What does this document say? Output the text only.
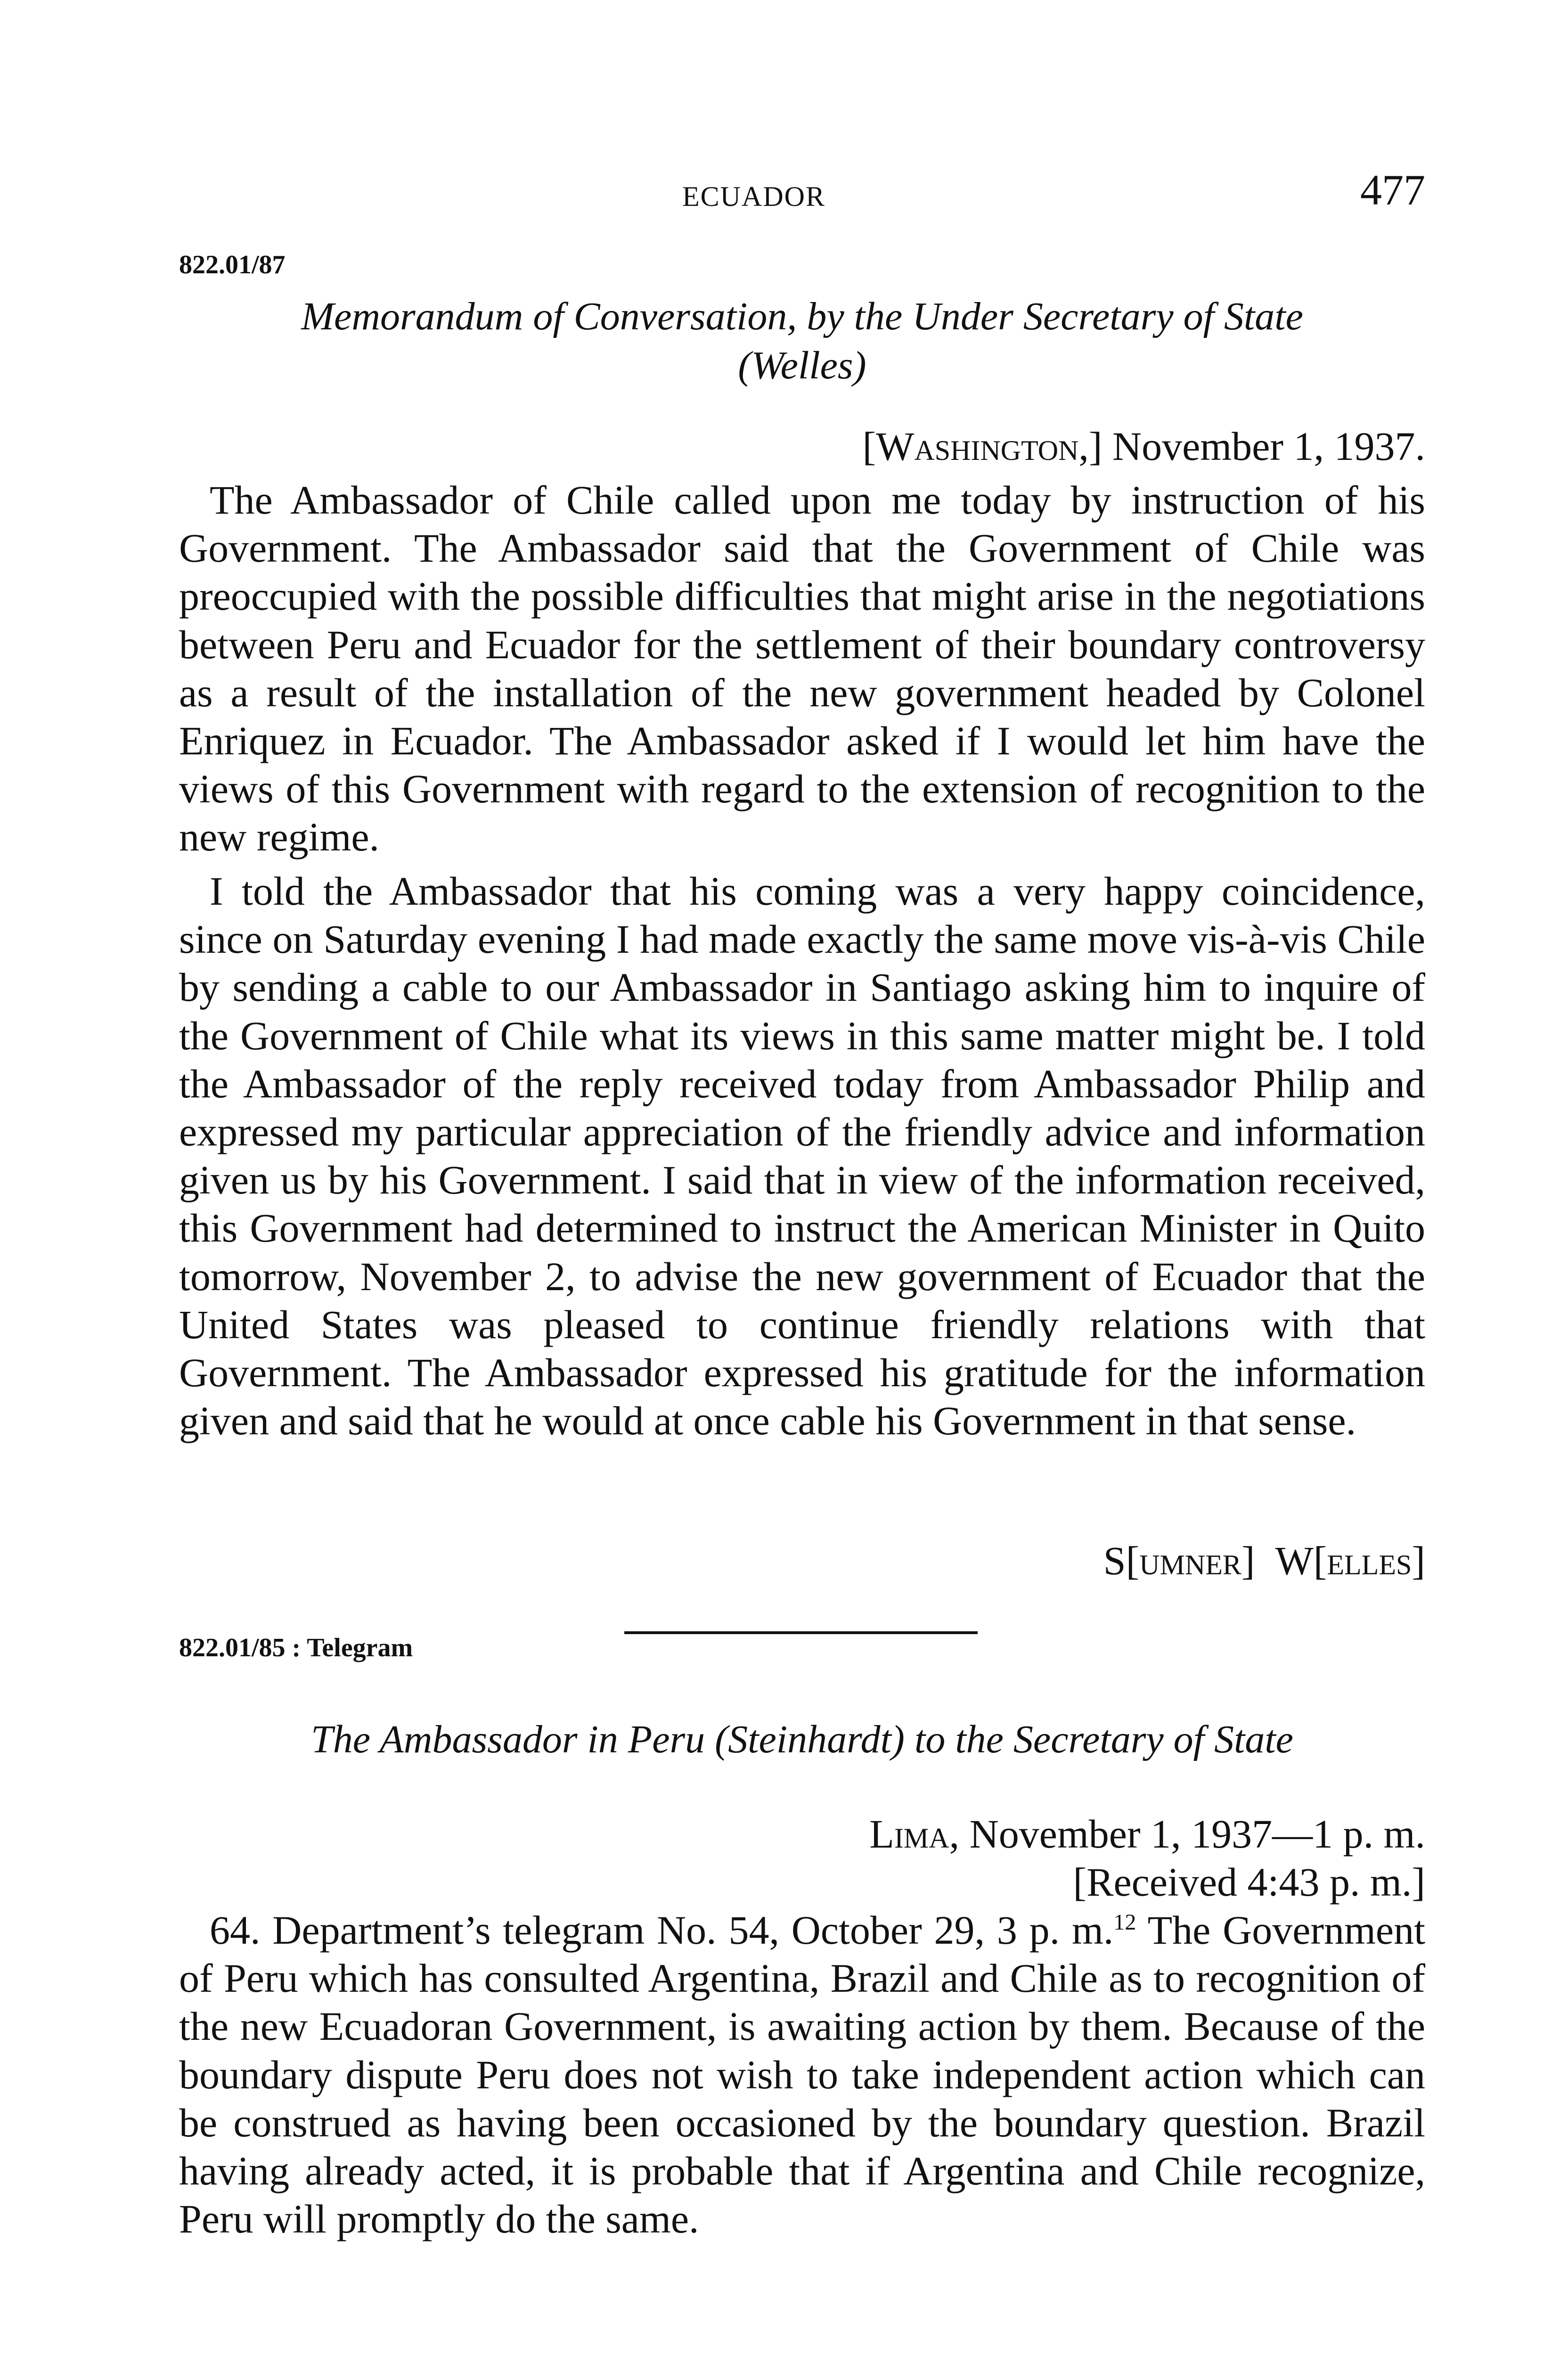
ECUADOR	477
822.01/87
Memorandum of Conversation, by the Under Secretary of State
(Welles)
[Washington,] November 1, 1937.

The Ambassador of Chile called upon me today by instruction of his Government. The Ambassador said that the Government of Chile was preoccupied with the possible difficulties that might arise in the negotiations between Peru and Ecuador for the settlement of their boundary controversy as a result of the installation of the new government headed by Colonel Enriquez in Ecuador. The Ambassador asked if I would let him have the views of this Government with regard to the extension of recognition to the new regime.

I told the Ambassador that his coming was a very happy coincidence, since on Saturday evening I had made exactly the same move vis-à-vis Chile by sending a cable to our Ambassador in Santiago asking him to inquire of the Government of Chile what its views in this same matter might be. I told the Ambassador of the reply received today from Ambassador Philip and expressed my particular appreciation of the friendly advice and information given us by his Government. I said that in view of the information received, this Government had determined to instruct the American Minister in Quito tomorrow, November 2, to advise the new government of Ecuador that the United States was pleased to continue friendly relations with that Government. The Ambassador expressed his gratitude for the information given and said that he would at once cable his Government in that sense.

S[umner]  W[elles]
822.01/85 : Telegram
The Ambassador in Peru (Steinhardt) to the Secretary of State
Lima, November 1, 1937—1 p. m.
[Received 4:43 p. m.]

64. Department’s telegram No. 54, October 29, 3 p. m.$^{12}$ The Government of Peru which has consulted Argentina, Brazil and Chile as to recognition of the new Ecuadoran Government, is awaiting action by them. Because of the boundary dispute Peru does not wish to take independent action which can be construed as having been occasioned by the boundary question. Brazil having already acted, it is probable that if Argentina and Chile recognize, Peru will promptly do the same.
